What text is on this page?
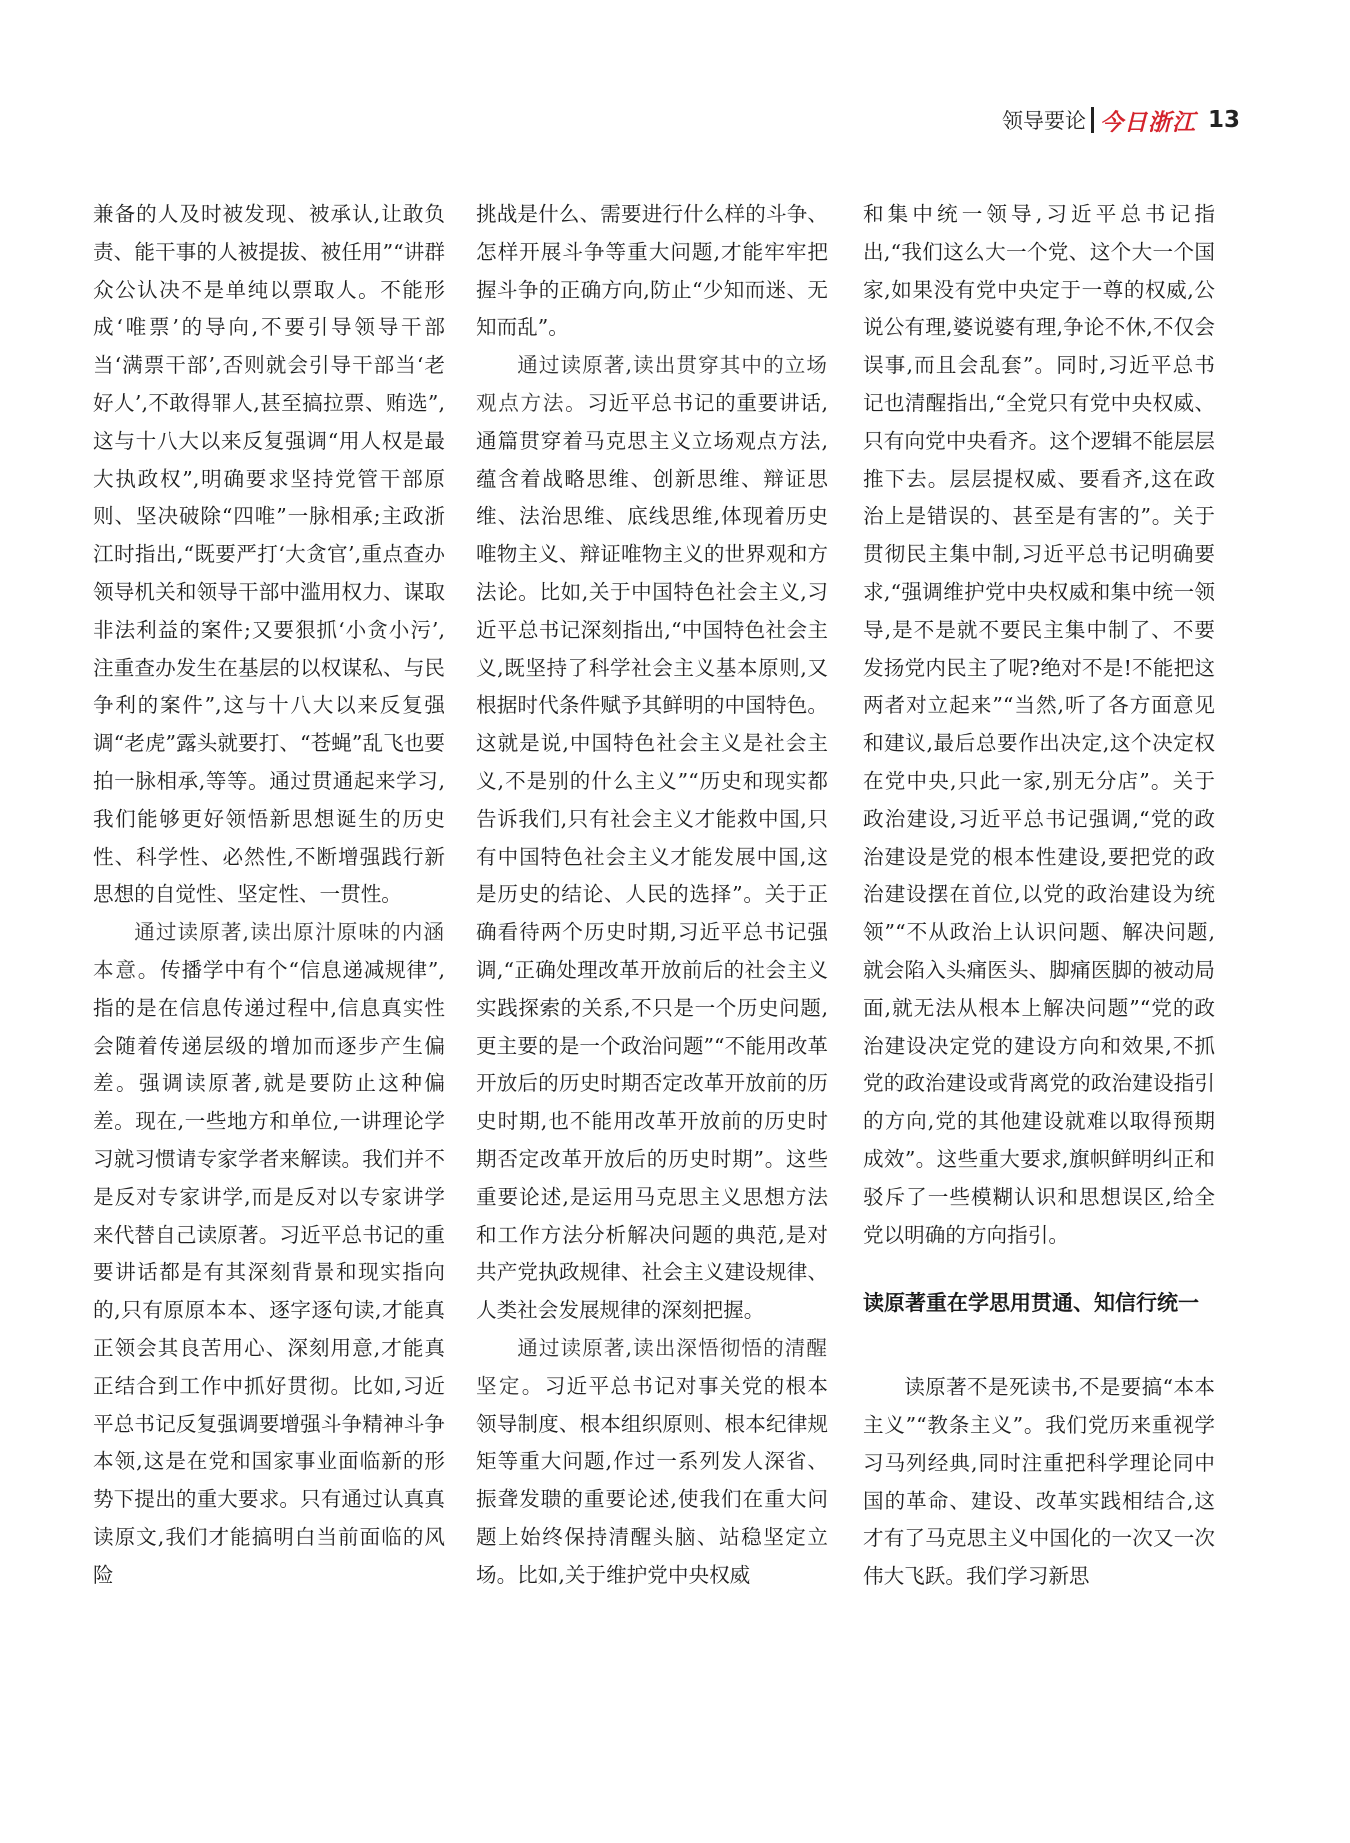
领导要论 今日浙江 13

兼备的人及时被发现、被承认,让敢负责、能干事的人被提拔、被任用”“讲群众公认决不是单纯以票取人。不能形成‘唯票’的导向,不要引导领导干部当‘满票干部’,否则就会引导干部当‘老好人’,不敢得罪人,甚至搞拉票、贿选”,这与十八大以来反复强调“用人权是最大执政权”,明确要求坚持党管干部原则、坚决破除“四唯”一脉相承;主政浙江时指出,“既要严打‘大贪官’,重点查办领导机关和领导干部中滥用权力、谋取非法利益的案件;又要狠抓‘小贪小污’,注重查办发生在基层的以权谋私、与民争利的案件”,这与十八大以来反复强调“老虎”露头就要打、“苍蝇”乱飞也要拍一脉相承,等等。通过贯通起来学习,我们能够更好领悟新思想诞生的历史性、科学性、必然性,不断增强践行新思想的自觉性、坚定性、一贯性。

通过读原著,读出原汁原味的内涵本意。传播学中有个“信息递减规律”,指的是在信息传递过程中,信息真实性会随着传递层级的增加而逐步产生偏差。强调读原著,就是要防止这种偏差。现在,一些地方和单位,一讲理论学习就习惯请专家学者来解读。我们并不是反对专家讲学,而是反对以专家讲学来代替自己读原著。习近平总书记的重要讲话都是有其深刻背景和现实指向的,只有原原本本、逐字逐句读,才能真正领会其良苦用心、深刻用意,才能真正结合到工作中抓好贯彻。比如,习近平总书记反复强调要增强斗争精神斗争本领,这是在党和国家事业面临新的形势下提出的重大要求。只有通过认真真读原文,我们才能搞明白当前面临的风险

挑战是什么、需要进行什么样的斗争、怎样开展斗争等重大问题,才能牢牢把握斗争的正确方向,防止“少知而迷、无知而乱”。

通过读原著,读出贯穿其中的立场观点方法。习近平总书记的重要讲话,通篇贯穿着马克思主义立场观点方法,蕴含着战略思维、创新思维、辩证思维、法治思维、底线思维,体现着历史唯物主义、辩证唯物主义的世界观和方法论。比如,关于中国特色社会主义,习近平总书记深刻指出,“中国特色社会主义,既坚持了科学社会主义基本原则,又根据时代条件赋予其鲜明的中国特色。这就是说,中国特色社会主义是社会主义,不是别的什么主义”“历史和现实都告诉我们,只有社会主义才能救中国,只有中国特色社会主义才能发展中国,这是历史的结论、人民的选择”。关于正确看待两个历史时期,习近平总书记强调,“正确处理改革开放前后的社会主义实践探索的关系,不只是一个历史问题,更主要的是一个政治问题”“不能用改革开放后的历史时期否定改革开放前的历史时期,也不能用改革开放前的历史时期否定改革开放后的历史时期”。这些重要论述,是运用马克思主义思想方法和工作方法分析解决问题的典范,是对共产党执政规律、社会主义建设规律、人类社会发展规律的深刻把握。

通过读原著,读出深悟彻悟的清醒坚定。习近平总书记对事关党的根本领导制度、根本组织原则、根本纪律规矩等重大问题,作过一系列发人深省、振聋发聩的重要论述,使我们在重大问题上始终保持清醒头脑、站稳坚定立场。比如,关于维护党中央权威

和集中统一领导,习近平总书记指出,“我们这么大一个党、这个大一个国家,如果没有党中央定于一尊的权威,公说公有理,婆说婆有理,争论不休,不仅会误事,而且会乱套”。同时,习近平总书记也清醒指出,“全党只有党中央权威、只有向党中央看齐。这个逻辑不能层层推下去。层层提权威、要看齐,这在政治上是错误的、甚至是有害的”。关于贯彻民主集中制,习近平总书记明确要求,“强调维护党中央权威和集中统一领导,是不是就不要民主集中制了、不要发扬党内民主了呢?绝对不是!不能把这两者对立起来”“当然,听了各方面意见和建议,最后总要作出决定,这个决定权在党中央,只此一家,别无分店”。关于政治建设,习近平总书记强调,“党的政治建设是党的根本性建设,要把党的政治建设摆在首位,以党的政治建设为统领”“不从政治上认识问题、解决问题,就会陷入头痛医头、脚痛医脚的被动局面,就无法从根本上解决问题”“党的政治建设决定党的建设方向和效果,不抓党的政治建设或背离党的政治建设指引的方向,党的其他建设就难以取得预期成效”。这些重大要求,旗帜鲜明纠正和驳斥了一些模糊认识和思想误区,给全党以明确的方向指引。

读原著重在学思用贯通、知信行统一

读原著不是死读书,不是要搞“本本主义”“教条主义”。我们党历来重视学习马列经典,同时注重把科学理论同中国的革命、建设、改革实践相结合,这才有了马克思主义中国化的一次又一次伟大飞跃。我们学习新思
